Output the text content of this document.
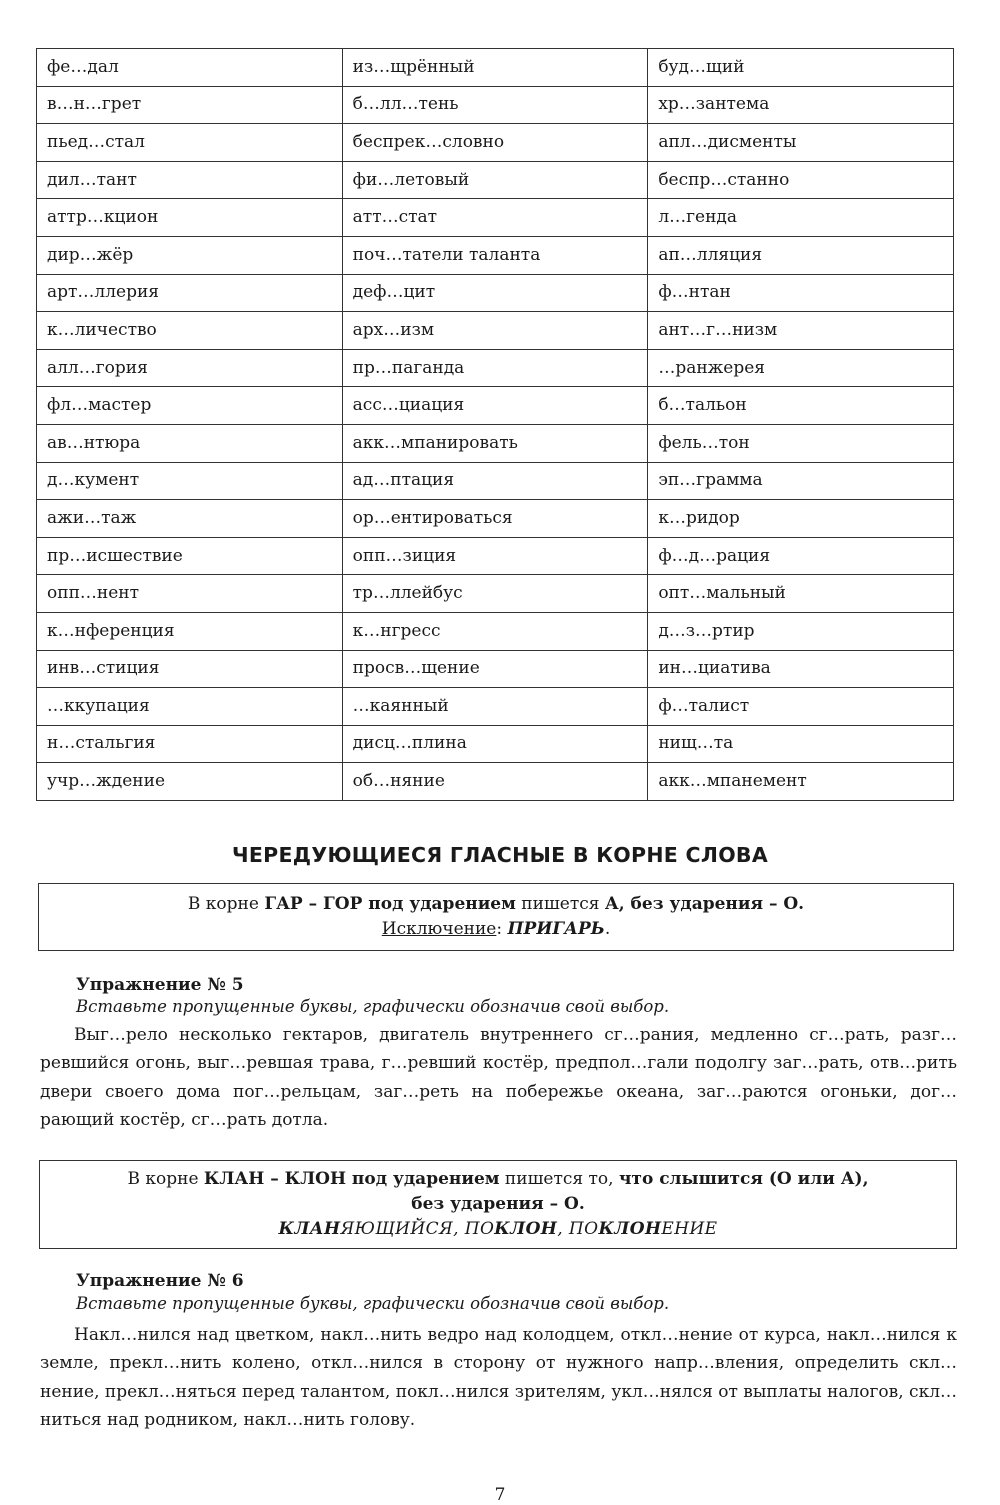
фе…дал	из…щрённый	буд…щий
в…н…грет	б…лл…тень	хр…зантема
пьед…стал	беспрек…словно	апл…дисменты
дил…тант	фи…летовый	беспр…станно
аттр…кцион	атт…стат	л…генда
дир…жёр	поч…татели таланта	ап…лляция
арт…ллерия	деф…цит	ф…нтан
к…личество	арх…изм	ант…г…низм
алл…гория	пр…паганда	…ранжерея
фл…мастер	асс…циация	б…тальон
ав…нтюра	акк…мпанировать	фель…тон
д…кумент	ад…птация	эп…грамма
ажи…таж	ор…ентироваться	к…ридор
пр…исшествие	опп…зиция	ф…д…рация
опп…нент	тр…ллейбус	опт…мальный
к…нференция	к…нгресс	д…з…ртир
инв…стиция	просв…щение	ин…циатива
…ккупация	…каянный	ф…талист
н…стальгия	дисц…плина	нищ…та
учр…ждение	об…няние	акк…мпанемент
ЧЕРЕДУЮЩИЕСЯ ГЛАСНЫЕ В КОРНЕ СЛОВА
В корне ГАР – ГОР под ударением пишется А, без ударения – О.
Исключение: ПРИГАРЬ.
Упражнение № 5
Вставьте пропущенные буквы, графически обозначив свой выбор.

Выг…рело несколько гектаров, двигатель внутреннего сг…рания, медленно сг…рать, разг…ревшийся огонь, выг…ревшая трава, г…ревший костёр, предпол…гали подолгу заг…рать, отв…рить двери своего дома пог…рельцам, заг…реть на побережье океана, заг…раются огоньки, дог…рающий костёр, сг…рать дотла.

В корне КЛАН – КЛОН под ударением пишется то, что слышится (О или А),
без ударения – О.
КЛАНЯЮЩИЙСЯ, ПОКЛОН, ПОКЛОНЕНИЕ
Упражнение № 6
Вставьте пропущенные буквы, графически обозначив свой выбор.

Накл…нился над цветком, накл…нить ведро над колодцем, откл…нение от курса, накл…нился к земле, прекл…нить колено, откл…нился в сторону от нужного напр…вления, определить скл…нение, прекл…няться перед талантом, покл…нился зрителям, укл…нялся от выплаты налогов, скл…ниться над родником, накл…нить голову.

7
